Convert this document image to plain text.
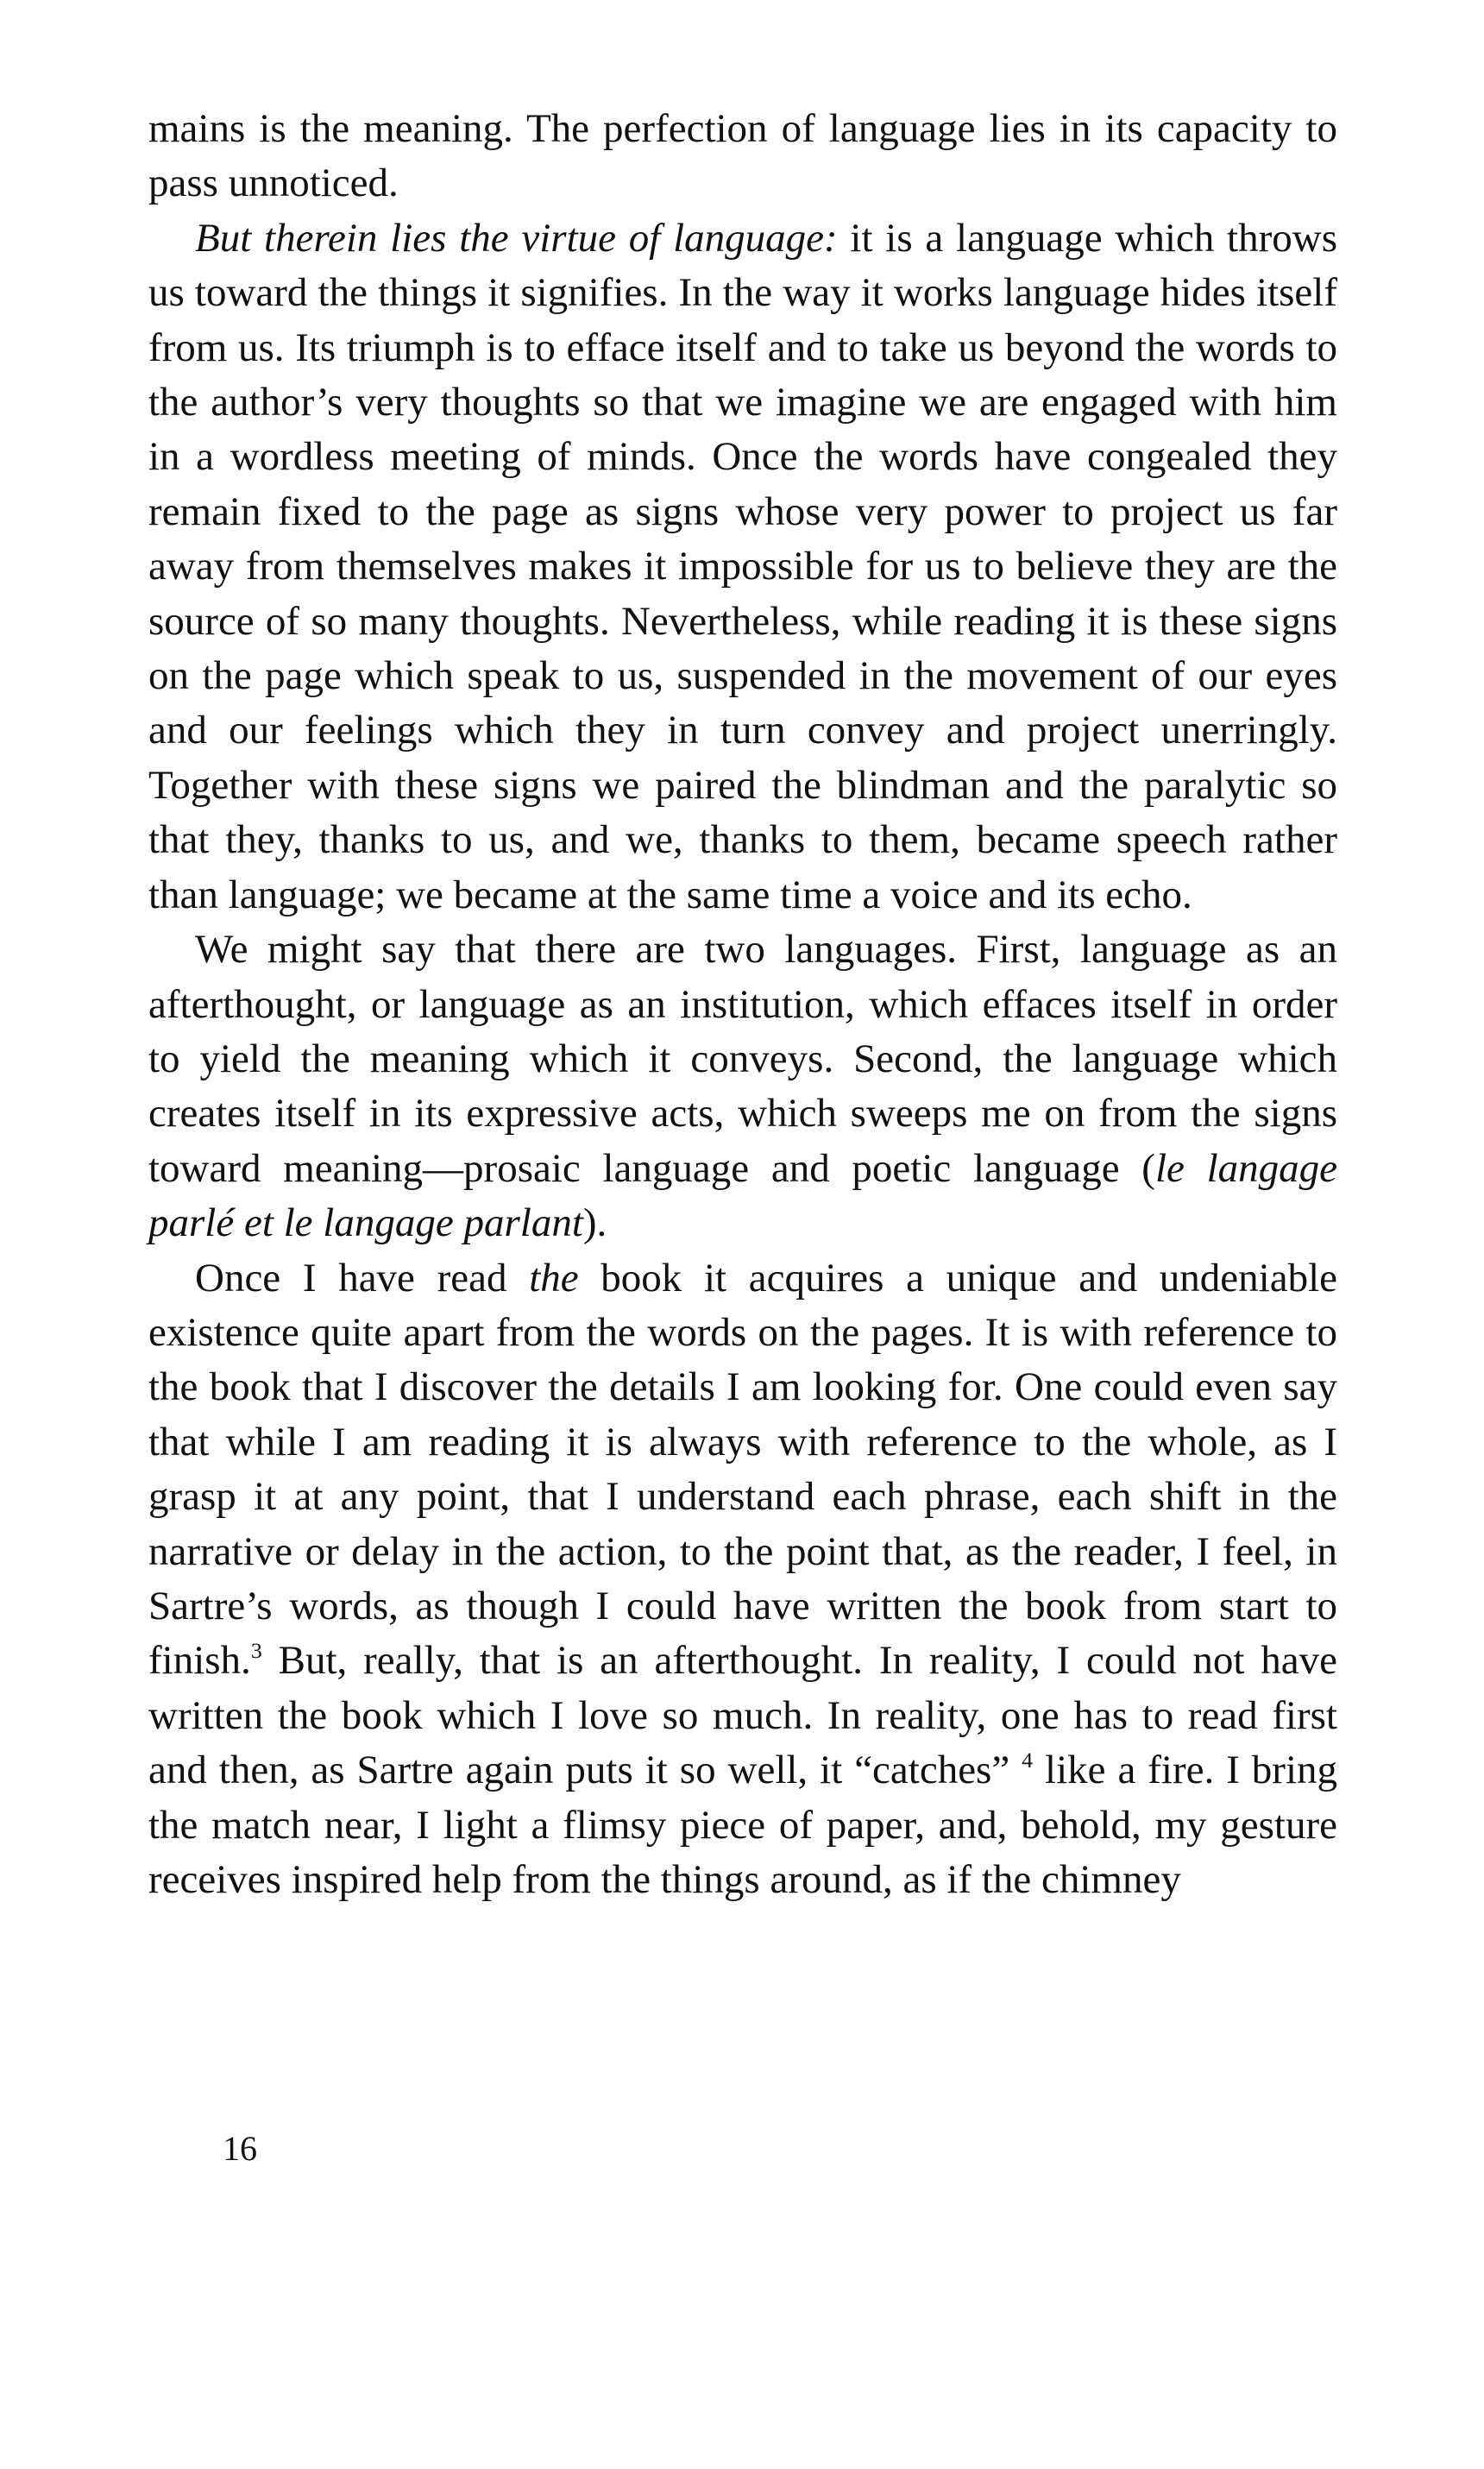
mains is the meaning. The perfection of language lies in its capacity to pass unnoticed.

But therein lies the virtue of language: it is a language which throws us toward the things it signifies. In the way it works language hides itself from us. Its triumph is to efface itself and to take us beyond the words to the author’s very thoughts so that we imagine we are engaged with him in a wordless meeting of minds. Once the words have congealed they remain fixed to the page as signs whose very power to project us far away from themselves makes it impossible for us to believe they are the source of so many thoughts. Nevertheless, while reading it is these signs on the page which speak to us, suspended in the movement of our eyes and our feelings which they in turn convey and project unerringly. Together with these signs we paired the blindman and the paralytic so that they, thanks to us, and we, thanks to them, became speech rather than language; we became at the same time a voice and its echo.

We might say that there are two languages. First, language as an afterthought, or language as an institution, which effaces itself in order to yield the meaning which it conveys. Second, the language which creates itself in its expressive acts, which sweeps me on from the signs toward meaning—prosaic language and poetic language (le langage parlé et le langage parlant).

Once I have read the book it acquires a unique and undeniable existence quite apart from the words on the pages. It is with reference to the book that I discover the details I am looking for. One could even say that while I am reading it is always with reference to the whole, as I grasp it at any point, that I understand each phrase, each shift in the narrative or delay in the action, to the point that, as the reader, I feel, in Sartre’s words, as though I could have written the book from start to finish.$^3$ But, really, that is an afterthought. In reality, I could not have written the book which I love so much. In reality, one has to read first and then, as Sartre again puts it so well, it “catches” $^4$ like a fire. I bring the match near, I light a flimsy piece of paper, and, behold, my gesture receives inspired help from the things around, as if the chimney

16
